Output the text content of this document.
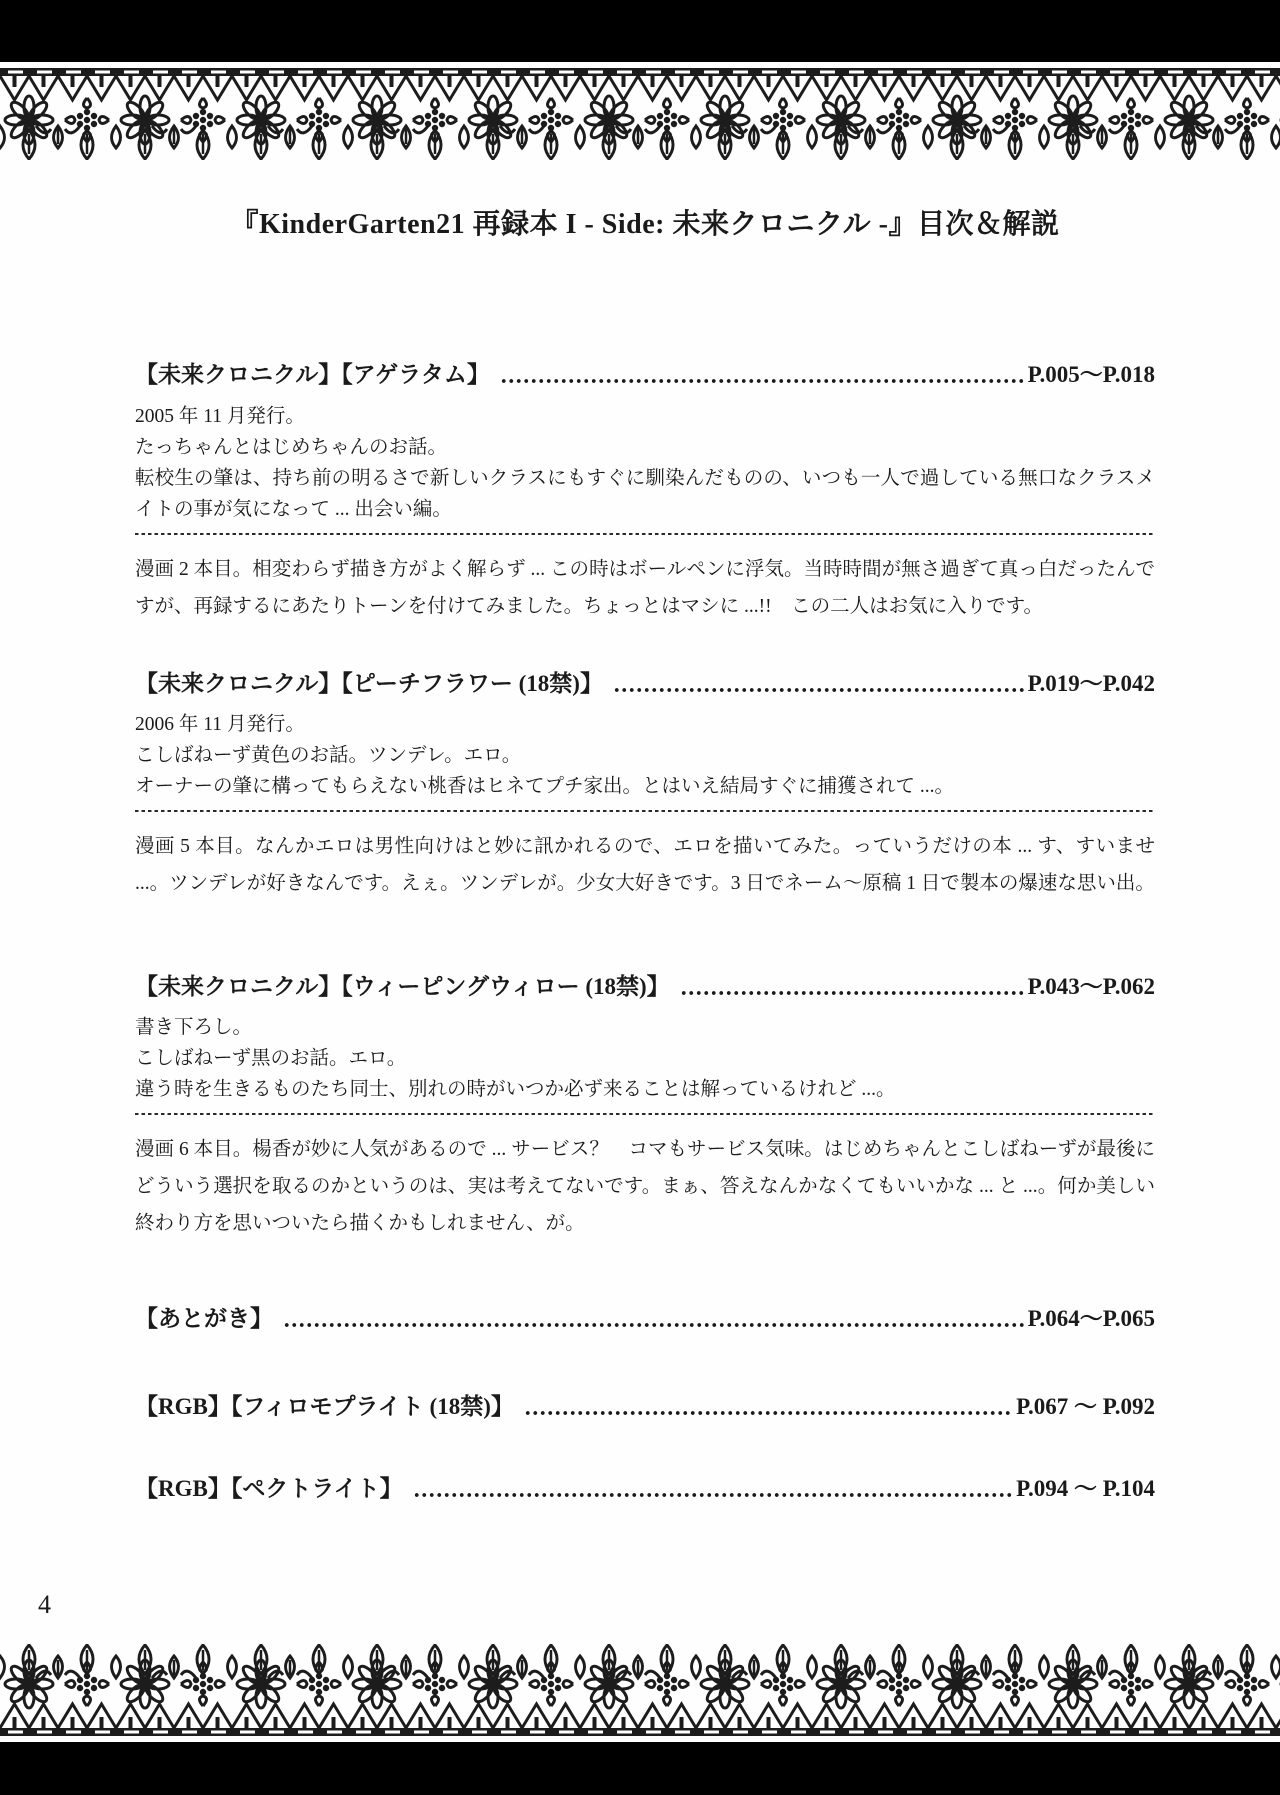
『KinderGarten21 再録本 I - Side: 未来クロニクル -』目次＆解説
【未来クロニクル】【アゲラタム】	P.005～P.018

2005 年 11 月発行。

たっちゃんとはじめちゃんのお話。

転校生の肇は、持ち前の明るさで新しいクラスにもすぐに馴染んだものの、いつも一人で過している無口なクラスメイトの事が気になって ... 出会い編。

漫画 2 本目。相変わらず描き方がよく解らず ... この時はボールペンに浮気。当時時間が無さ過ぎて真っ白だったんですが、再録するにあたりトーンを付けてみました。ちょっとはマシに ...!!　この二人はお気に入りです。

【未来クロニクル】【ピーチフラワー (18禁)】	P.019～P.042

2006 年 11 月発行。

こしばねーず黄色のお話。ツンデレ。エロ。

オーナーの肇に構ってもらえない桃香はヒネてプチ家出。とはいえ結局すぐに捕獲されて ...。

漫画 5 本目。なんかエロは男性向けはと妙に訊かれるので、エロを描いてみた。っていうだけの本 ... す、すいませ ...。ツンデレが好きなんです。えぇ。ツンデレが。少女大好きです。3 日でネーム～原稿 1 日で製本の爆速な思い出。

【未来クロニクル】【ウィーピングウィロー (18禁)】	P.043～P.062

書き下ろし。

こしばねーず黒のお話。エロ。

違う時を生きるものたち同士、別れの時がいつか必ず来ることは解っているけれど ...。

漫画 6 本目。楊香が妙に人気があるので ... サービス？　コマもサービス気味。はじめちゃんとこしばねーずが最後にどういう選択を取るのかというのは、実は考えてないです。まぁ、答えなんかなくてもいいかな ... と ...。何か美しい終わり方を思いついたら描くかもしれません、が。

【あとがき】	P.064～P.065
【RGB】【フィロモプライト (18禁)】	P.067 ～ P.092
【RGB】【ペクトライト】	P.094 ～ P.104
4
